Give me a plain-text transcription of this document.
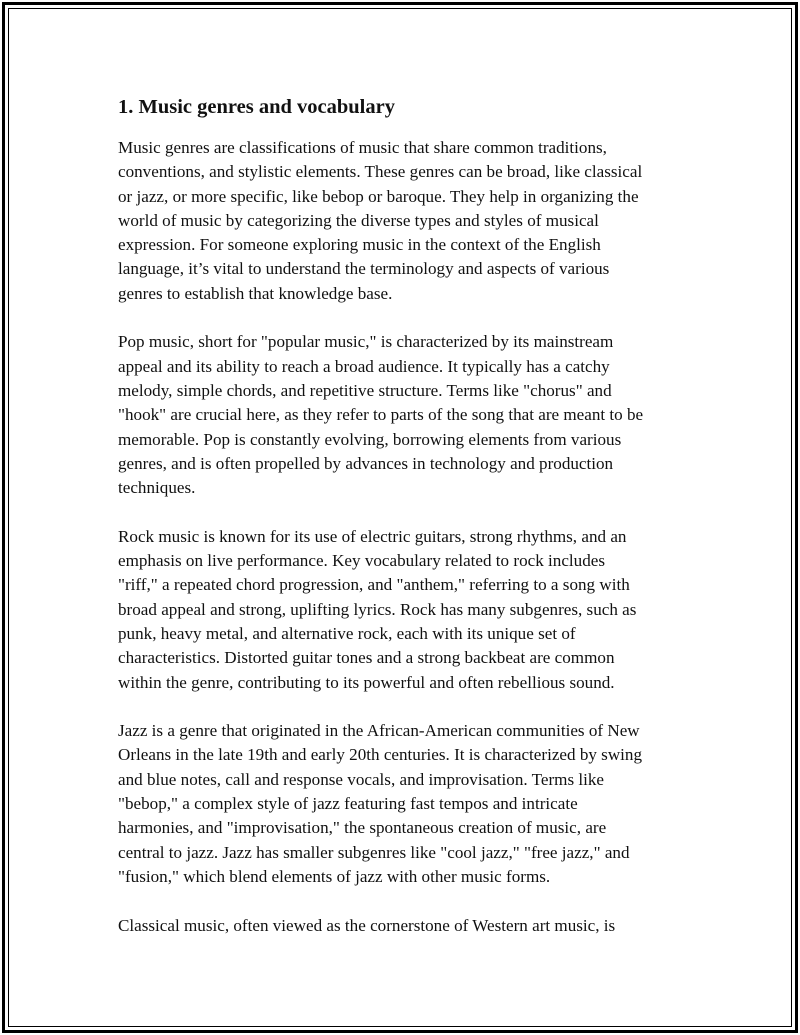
1. Music genres and vocabulary

Music genres are classifications of music that share common traditions,
conventions, and stylistic elements. These genres can be broad, like classical
or jazz, or more specific, like bebop or baroque. They help in organizing the
world of music by categorizing the diverse types and styles of musical
expression. For someone exploring music in the context of the English
language, it’s vital to understand the terminology and aspects of various
genres to establish that knowledge base.

Pop music, short for "popular music," is characterized by its mainstream
appeal and its ability to reach a broad audience. It typically has a catchy
melody, simple chords, and repetitive structure. Terms like "chorus" and
"hook" are crucial here, as they refer to parts of the song that are meant to be
memorable. Pop is constantly evolving, borrowing elements from various
genres, and is often propelled by advances in technology and production
techniques.

Rock music is known for its use of electric guitars, strong rhythms, and an
emphasis on live performance. Key vocabulary related to rock includes
"riff," a repeated chord progression, and "anthem," referring to a song with
broad appeal and strong, uplifting lyrics. Rock has many subgenres, such as
punk, heavy metal, and alternative rock, each with its unique set of
characteristics. Distorted guitar tones and a strong backbeat are common
within the genre, contributing to its powerful and often rebellious sound.

Jazz is a genre that originated in the African-American communities of New
Orleans in the late 19th and early 20th centuries. It is characterized by swing
and blue notes, call and response vocals, and improvisation. Terms like
"bebop," a complex style of jazz featuring fast tempos and intricate
harmonies, and "improvisation," the spontaneous creation of music, are
central to jazz. Jazz has smaller subgenres like "cool jazz," "free jazz," and
"fusion," which blend elements of jazz with other music forms.

Classical music, often viewed as the cornerstone of Western art music, is
